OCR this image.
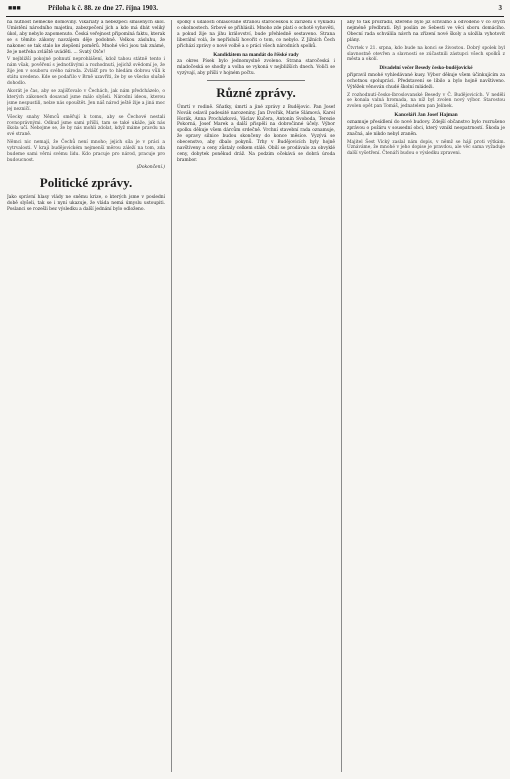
■■■	Příloha k č. 88. ze dne 27. října 1903.	3
na nutnost německé domoviny. Vikariáty a nebezpečí smíšených škol. Umístění národního majetku, zabezpečení jich a kdo má dbát veliký úkol, aby nebylo zapomenuto. Česká veřejnost připomíná faktu, kterak se s těmito zákony navzájem děje podobně. Velkou zásluhu, že nakonec se tak stalo ke zlepšení poměrů. Mnohé věci jsou tak známé, že je netřeba zvláště uváděti. ... Svatý Otče!
V nejbližší pokojné pohnutí neprohlášení, kdož tahou státně tento i nám však, pověření s jednotlivými a rozhodnutí, jejichž svědomí je, že žije jen v souboru svého národa. Zvlášť pro to hledám dobrou vůli k státu uvedeno. Kde se podařilo v Brně uzavříti, že by se všecko slušně dohodlo.
Akorát je čas, aby se zajišťovalo v Čechách, jak nám předcházelo, o kterých zákonech dosavad jsme málo slyšeli. Národní ideou, kterou jsme nespustili, nelze nás opouštět. Jen náš národ ještě žije a jiná moc jej nezničí.
Všecky snahy Němců směřují k tomu, aby se Čechové nestali rovnoprávnými. Odkud jsme sami přišli, tam se také ukáže, jak nás škola učí. Nebojme se, že by nás mohli zdolat, když máme pravdu na své straně.
Němci nic nemají, že Čechů není mnoho; jejich síla je v práci a vytrvalosti. V kraji budějovickém nejmenší měrou záleží na tom, zda budeme sami věrni svému lidu. Kdo pracuje pro národ, pracuje pro budoucnost.
(Dokončení.)
Politické zprávy.
Jako správní hlasy vlády ne sněmu krize, o kterých jsme v poslední době slyšeli, tak se i nyní ukazuje, že vláda nemá úmyslu ustoupiti. Poslanci se rozešli bez výsledku a další jednání bylo odloženo.
spolky s událostí ohlašované stranou staročeskou k zařízení s výkladu o okolnostech. Srbové se přihlásili. Mnoho zde platí o ochotě vyhověti, a pokud žije na jihu království, bude přehledně sestaveno. Strana liberální volá, že nepřísluší hovořit o tom, co nebylo. Z Jižních Čech přichází zprávy o nové volbě a o práci všech národních spolků.
Kandidátem na mandát do říšské rady
za okres Písek bylo jednomyslně zvoleno. Strana staročeská i mladočeská se shodly a volba se vykoná v nejbližších dnech. Voliči se vyzývají, aby přišli v hojném počtu.
Různé zprávy.
Úmrtí v rodině. Sňatky, úmrtí a jiné zprávy z Budějovic. Pan Josef Novák oslavil padesáté narozeniny. Jan Dvořák, Marie Slámová, Karel Horák, Anna Procházková, Václav Kučera, Antonín Svoboda, Terezie Pokorná, Josef Marek a další přispěli na dobročinné účely. Výbor spolku děkuje všem dárcům srdečně. Vrchní stavební rada oznamuje, že opravy silnice budou skončeny do konce měsíce. Vyzývá se obecenstvo, aby dbalo pokynů. Trhy v Budějovicích byly hojně navštíveny a ceny zůstaly celkem stálé. Obilí se prodávalo za obvyklé ceny, dobytek poněkud dráž. Na podzim očekává se dobrá úroda brambor.
aby to tak prozradil, kterého bylo již schválno a odvodeno v co svých nejméně předbrati. Byl poslán ze Sebesti ve věci sboru domácího. Obecní rada schválila návrh na zřízení nové školy a uložila vyhotovit plány.
Čtvrtek v 21. srpna, kdo bude na konci se živostou. Dobrý spolek byl slavnostně otevřen a slavnosti se zúčastnili zástupci všech spolků z města a okolí.
Divadelní večer Besedy česko-budějovické
připravil mnohé vyhledávané kusy. Výbor děkuje všem účinkujícím za ochotnou spolupráci. Představení se líbilo a bylo hojně navštíveno. Výtěžek věnován chudé školní mládeži.
Z rozhodnutí-česko-lbroslovanské Besedy v Č. Budějovicích. V neděli se konala valná hromada, na níž byl zvolen nový výbor. Starostou zvolen opět pan Tomáš, jednatelem pan Jelínek.
Kanceláři Jan Josef Hajman
oznamuje přesídlení do nové budovy. Zdejší občanstvo bylo rozrušeno zprávou o požáru v sousední obci, který vznikl neopatrností. Škoda je značná, ale nikdo nebyl zraněn.
Majitel Šest Vícký zaslal nám dopis, v němž se hájí proti výtkám. Uznáváme, že mnohé v jeho dopise je pravdou, ale věc sama vyžaduje další vyšetření. Čtenáři budou o výsledku zpraveni.
